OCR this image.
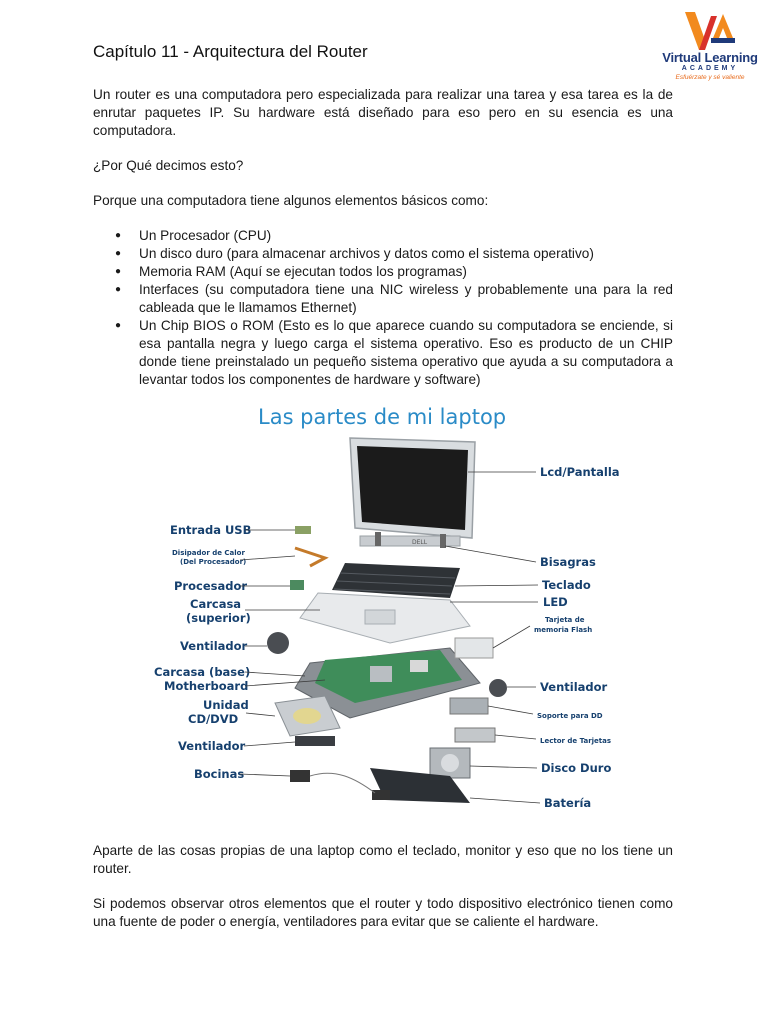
Virtual Learning
ACADEMY
Esfuérzate y sé valiente
Capítulo 11 - Arquitectura del Router

Un router es una computadora pero especializada para realizar una tarea y esa tarea es la de enrutar paquetes IP. Su hardware está diseñado para eso pero en su esencia es una computadora.

¿Por Qué decimos esto?

Porque una computadora tiene algunos elementos básicos como:

● Un Procesador (CPU)
● Un disco duro (para almacenar archivos y datos como el sistema operativo)
● Memoria RAM (Aquí se ejecutan todos los programas)
● Interfaces (su computadora tiene una NIC wireless y probablemente una para la red cableada que le llamamos Ethernet)
● Un Chip BIOS o ROM (Esto es lo que aparece cuando su computadora se enciende, si esa pantalla negra y luego carga el sistema operativo. Eso es producto de un CHIP donde tiene preinstalado un pequeño sistema operativo que ayuda a su computadora a levantar todos los componentes de hardware y software)
Las partes de mi laptop
DELL
Entrada USB
Disipador de Calor
(Del Procesador)
Procesador
Carcasa
(superior)
Ventilador
Carcasa (base)
Motherboard
Unidad
CD/DVD
Ventilador
Bocinas
Lcd/Pantalla
Bisagras
Teclado
LED
Tarjeta de
memoria Flash
Ventilador
Soporte para DD
Lector de Tarjetas
Disco Duro
Batería

Aparte de las cosas propias de una laptop como el teclado, monitor y eso que no los tiene un router.

Si podemos observar otros elementos que el router y todo dispositivo electrónico tienen como una fuente de poder o energía, ventiladores para evitar que se caliente el hardware.
